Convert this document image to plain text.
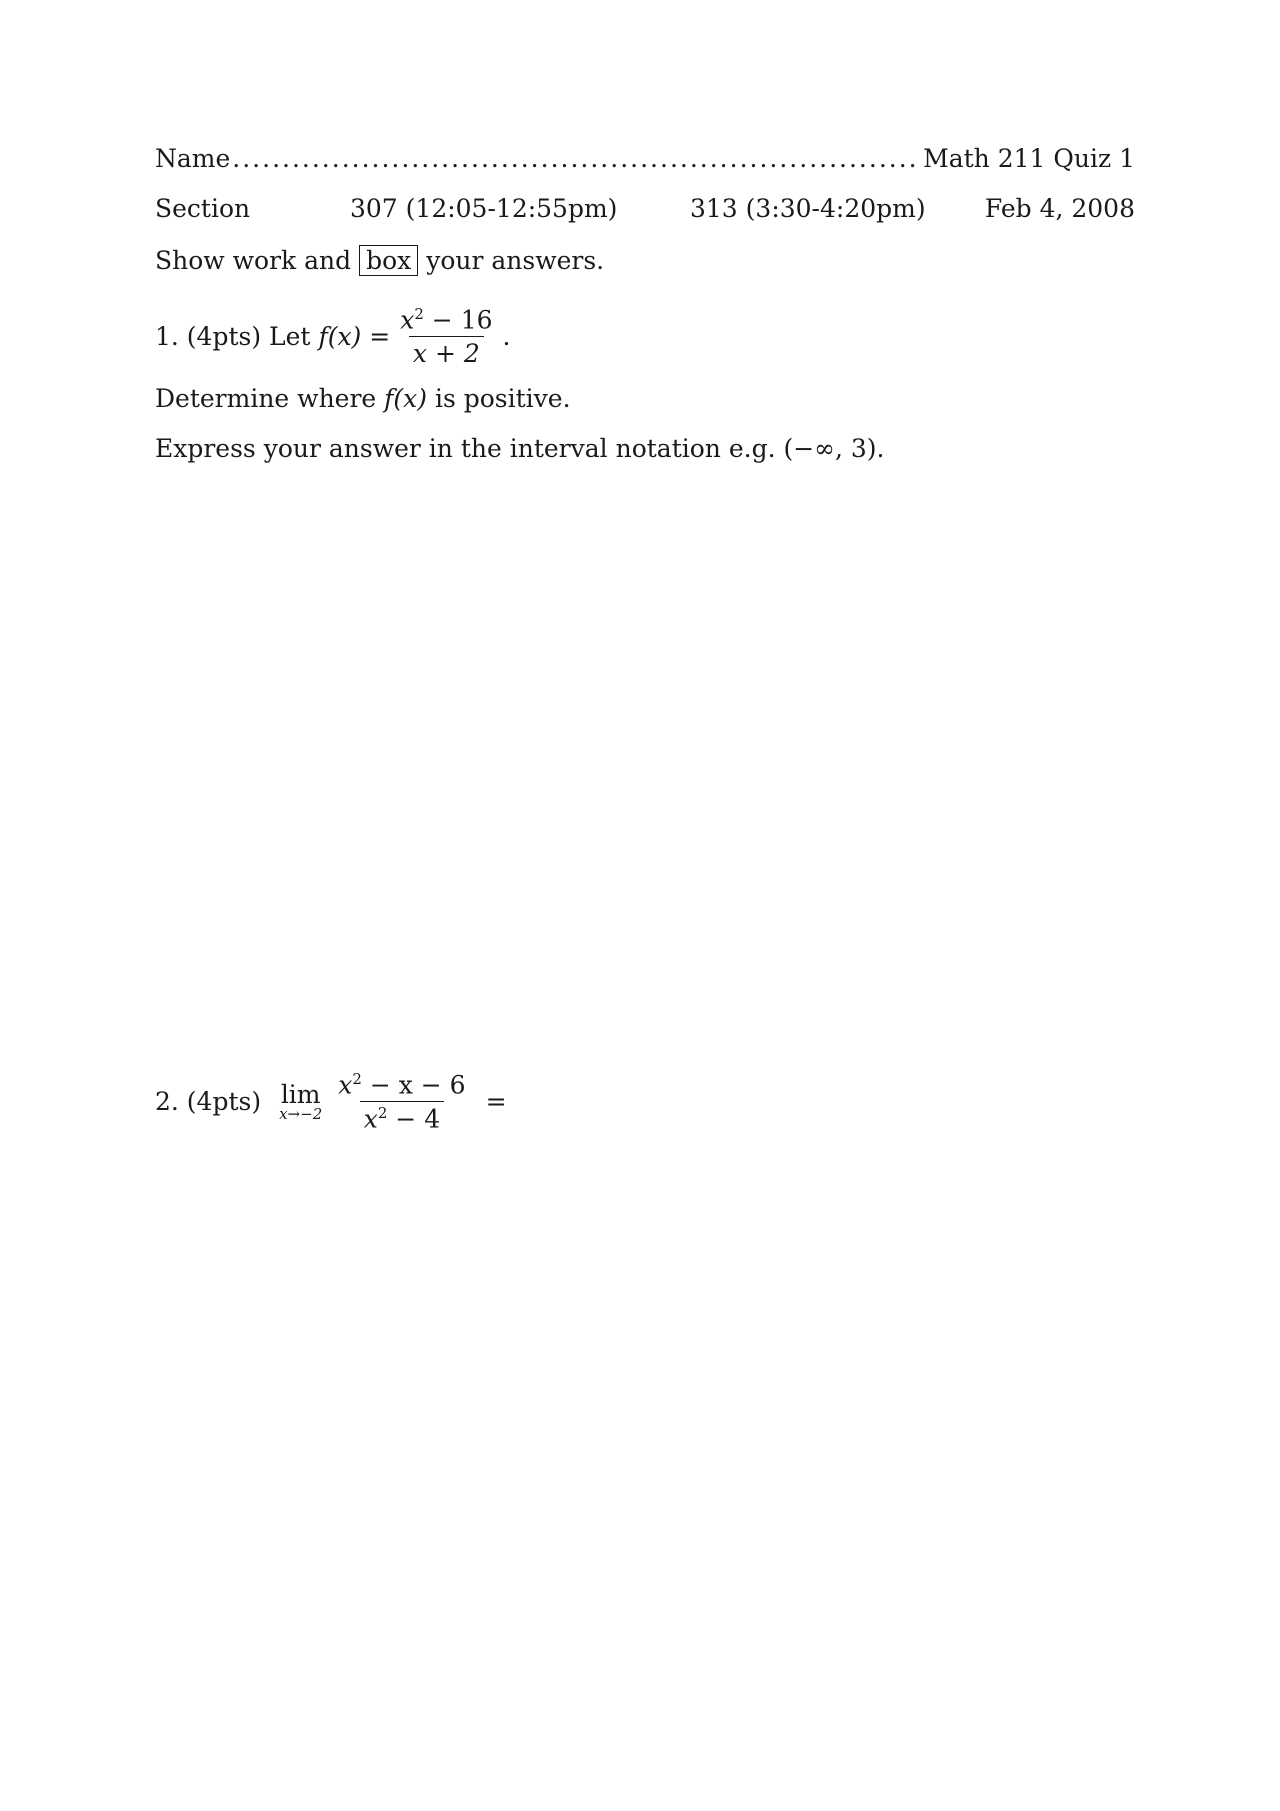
Name
.....	Math 211 Quiz 1
Section	307 (12:05-12:55pm)	313 (3:30-4:20pm) Feb 4, 2008
Show work and box your answers.
1. (4pts) Let
$f(x) = \frac{x^2 - 16}{x + 2}$ .
Determine where f(x) is positive.
Express your answer in the interval notation e.g. (−∞, 3).
2. (4pts) lim
$x\to-2 \frac{x^2 - x - 6}{x^2 - 4}$ =
